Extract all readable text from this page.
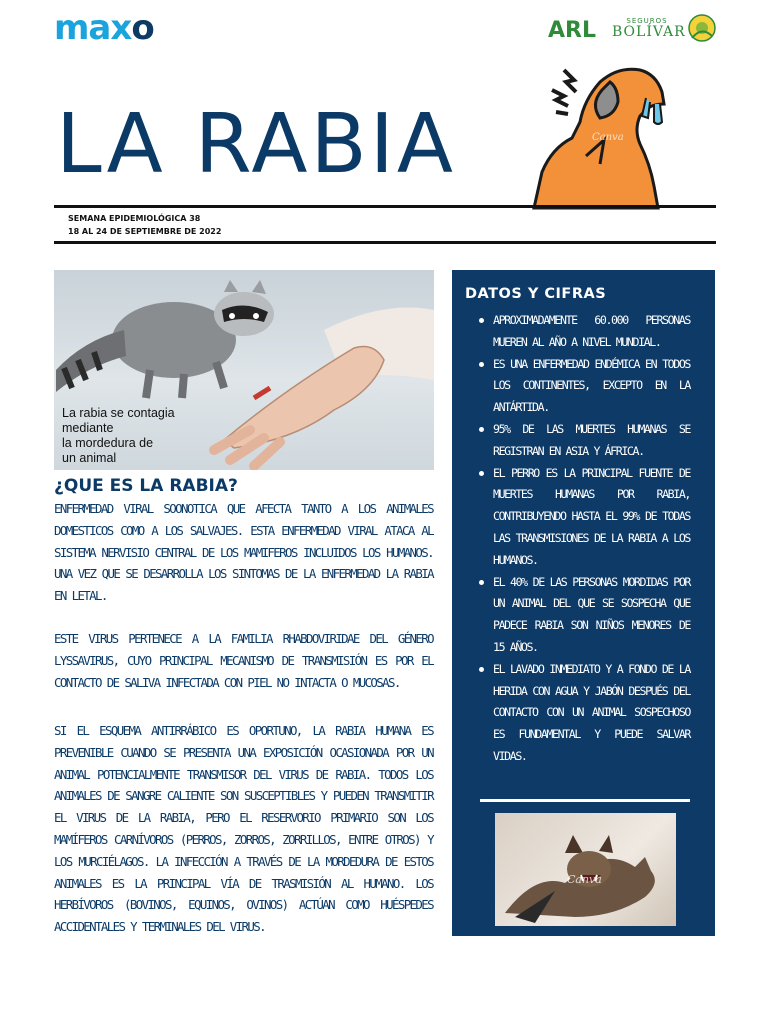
maxo	ARL	SEGUROS
BOLÍVAR
LA RABIA	Canva
SEMANA EPIDEMIOLÓGICA 38
18 AL 24 DE SEPTIEMBRE DE 2022
La rabia se contagia
mediante
la mordedura de
un animal
¿QUE ES LA RABIA?

ENFERMEDAD VIRAL SOONOTICA QUE AFECTA TANTO A LOS ANIMALES DOMESTICOS COMO A LOS SALVAJES. ESTA ENFERMEDAD VIRAL ATACA AL SISTEMA NERVISIO CENTRAL DE LOS MAMIFEROS INCLUIDOS LOS HUMANOS. UNA VEZ QUE SE DESARROLLA LOS SINTOMAS DE LA ENFERMEDAD LA RABIA EN LETAL.

ESTE VIRUS PERTENECE A LA FAMILIA RHABDOVIRIDAE DEL GÉNERO LYSSAVIRUS, CUYO PRINCIPAL MECANISMO DE TRANSMISIÓN ES POR EL CONTACTO DE SALIVA INFECTADA CON PIEL NO INTACTA O MUCOSAS.

SI EL ESQUEMA ANTIRRÁBICO ES OPORTUNO, LA RABIA HUMANA ES PREVENIBLE CUANDO SE PRESENTA UNA EXPOSICIÓN OCASIONADA POR UN ANIMAL POTENCIALMENTE TRANSMISOR DEL VIRUS DE RABIA. TODOS LOS ANIMALES DE SANGRE CALIENTE SON SUSCEPTIBLES Y PUEDEN TRANSMITIR EL VIRUS DE LA RABIA, PERO EL RESERVORIO PRIMARIO SON LOS MAMÍFEROS CARNÍVOROS (PERROS, ZORROS, ZORRILLOS, ENTRE OTROS) Y LOS MURCIÉLAGOS. LA INFECCIÓN A TRAVÉS DE LA MORDEDURA DE ESTOS ANIMALES ES LA PRINCIPAL VÍA DE TRASMISIÓN AL HUMANO. LOS HERBÍVOROS (BOVINOS, EQUINOS, OVINOS) ACTÚAN COMO HUÉSPEDES ACCIDENTALES Y TERMINALES DEL VIRUS.

DATOS Y CIFRAS
APROXIMADAMENTE 60.000 PERSONAS MUEREN AL AÑO A NIVEL MUNDIAL.
ES UNA ENFERMEDAD ENDÉMICA EN TODOS LOS CONTINENTES, EXCEPTO EN LA ANTÁRTIDA.
95% DE LAS MUERTES HUMANAS SE REGISTRAN EN ASIA Y ÁFRICA.
EL PERRO ES LA PRINCIPAL FUENTE DE MUERTES HUMANAS POR RABIA, CONTRIBUYENDO HASTA EL 99% DE TODAS LAS TRANSMISIONES DE LA RABIA A LOS HUMANOS.
EL 40% DE LAS PERSONAS MORDIDAS POR UN ANIMAL DEL QUE SE SOSPECHA QUE PADECE RABIA SON NIÑOS MENORES DE 15 AÑOS.
EL LAVADO INMEDIATO Y A FONDO DE LA HERIDA CON AGUA Y JABÓN DESPUÉS DEL CONTACTO CON UN ANIMAL SOSPECHOSO ES FUNDAMENTAL Y PUEDE SALVAR VIDAS.
Canva
